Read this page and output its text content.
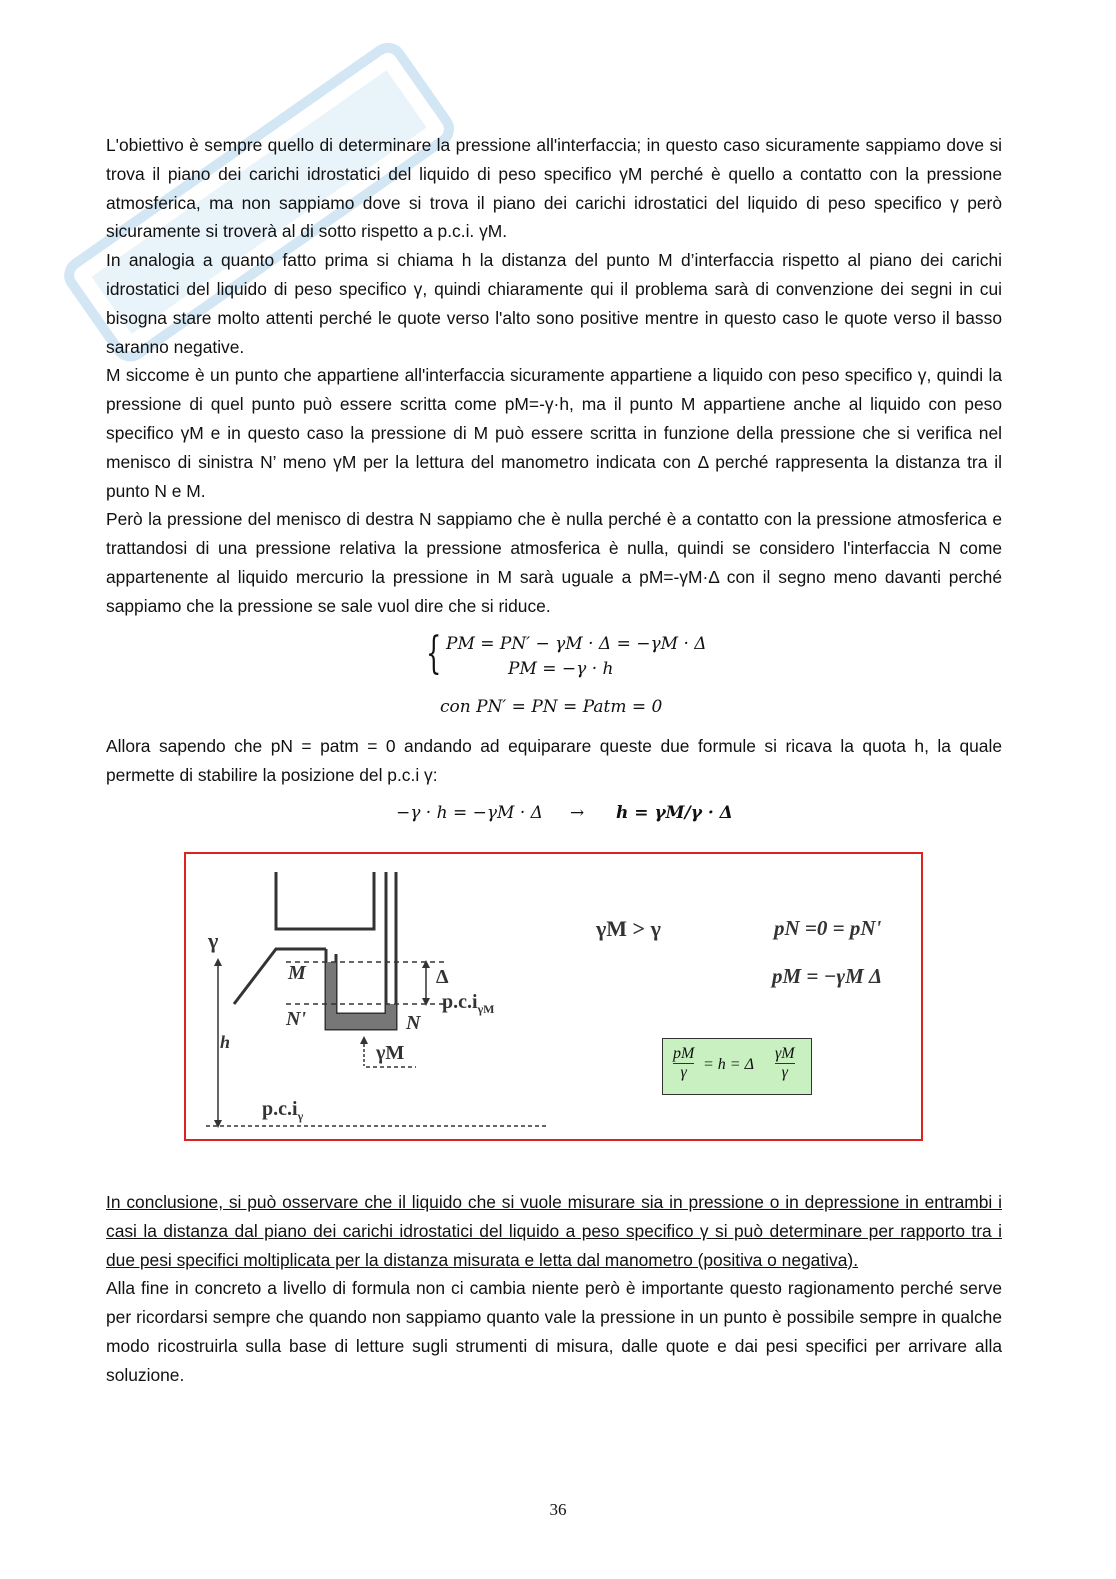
L'obiettivo è sempre quello di determinare la pressione all'interfaccia; in questo caso sicuramente sappiamo dove si trova il piano dei carichi idrostatici del liquido di peso specifico γM perché è quello a contatto con la pressione atmosferica, ma non sappiamo dove si trova il piano dei carichi idrostatici del liquido di peso specifico γ però sicuramente si troverà al di sotto rispetto a p.c.i. γM.

In analogia a quanto fatto prima si chiama h la distanza del punto M d’interfaccia rispetto al piano dei carichi idrostatici del liquido di peso specifico γ, quindi chiaramente qui il problema sarà di convenzione dei segni in cui bisogna stare molto attenti perché le quote verso l'alto sono positive mentre in questo caso le quote verso il basso saranno negative.

M siccome è un punto che appartiene all'interfaccia sicuramente appartiene a liquido con peso specifico γ, quindi la pressione di quel punto può essere scritta come pM=-γ·h, ma il punto M appartiene anche al liquido con peso specifico γM e in questo caso la pressione di M può essere scritta in funzione della pressione che si verifica nel menisco di sinistra N’ meno γM per la lettura del manometro indicata con Δ perché rappresenta la distanza tra il punto N e M.

Però la pressione del menisco di destra N sappiamo che è nulla perché è a contatto con la pressione atmosferica e trattandosi di una pressione relativa la pressione atmosferica è nulla, quindi se considero l'interfaccia N come appartenente al liquido mercurio la pressione in M sarà uguale a pM=-γM·Δ con il segno meno davanti perché sappiamo che la pressione se sale vuol dire che si riduce.

{ PM = PN′ − γM · Δ = −γM · Δ
PM = −γ · h
con PN′ = PN = Patm = 0

Allora sapendo che pN = patm = 0 andando ad equiparare queste due formule si ricava la quota h, la quale permette di stabilire la posizione del p.c.i γ:

−γ · h = −γM · Δ → h = γM/γ · Δ
γ
h
M
N'	N
Δ
$p.c.i_{\gamma M}$
γM
$p.c.i_\gamma$
γM > γ	pN =0 = pN'
pM = −γM Δ
pM
γ	= h = Δ
γM
γ

In conclusione, si può osservare che il liquido che si vuole misurare sia in pressione o in depressione in entrambi i casi la distanza dal piano dei carichi idrostatici del liquido a peso specifico γ si può determinare per rapporto tra i due pesi specifici moltiplicata per la distanza misurata e letta dal manometro (positiva o negativa).

Alla fine in concreto a livello di formula non ci cambia niente però è importante questo ragionamento perché serve per ricordarsi sempre che quando non sappiamo quanto vale la pressione in un punto è possibile sempre in qualche modo ricostruirla sulla base di letture sugli strumenti di misura, dalle quote e dai pesi specifici per arrivare alla soluzione.

36
